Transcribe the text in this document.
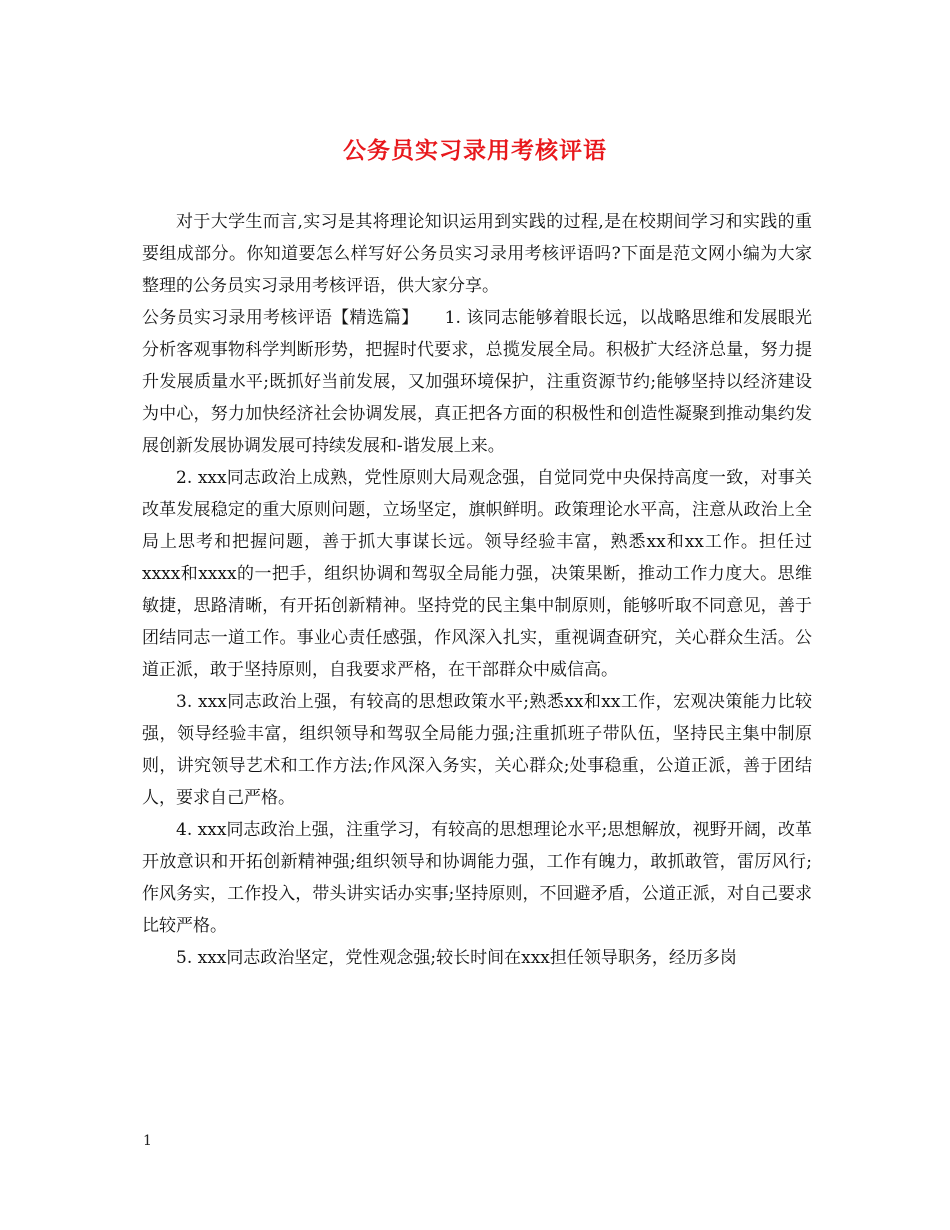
公务员实习录用考核评语

对于大学生而言,实习是其将理论知识运用到实践的过程,是在校期间学习和实践的重要组成部分。你知道要怎么样写好公务员实习录用考核评语吗?下面是范文网小编为大家整理的公务员实习录用考核评语，供大家分享。

公务员实习录用考核评语【精选篇】　　1. 该同志能够着眼长远，以战略思维和发展眼光分析客观事物科学判断形势，把握时代要求，总揽发展全局。积极扩大经济总量，努力提升发展质量水平;既抓好当前发展，又加强环境保护，注重资源节约;能够坚持以经济建设为中心，努力加快经济社会协调发展，真正把各方面的积极性和创造性凝聚到推动集约发展创新发展协调发展可持续发展和-谐发展上来。

2. xxx同志政治上成熟，党性原则大局观念强，自觉同党中央保持高度一致，对事关改革发展稳定的重大原则问题，立场坚定，旗帜鲜明。政策理论水平高，注意从政治上全局上思考和把握问题，善于抓大事谋长远。领导经验丰富，熟悉xx和xx工作。担任过xxxx和xxxx的一把手，组织协调和驾驭全局能力强，决策果断，推动工作力度大。思维敏捷，思路清晰，有开拓创新精神。坚持党的民主集中制原则，能够听取不同意见，善于团结同志一道工作。事业心责任感强，作风深入扎实，重视调查研究，关心群众生活。公道正派，敢于坚持原则，自我要求严格，在干部群众中威信高。

3. xxx同志政治上强，有较高的思想政策水平;熟悉xx和xx工作，宏观决策能力比较强，领导经验丰富，组织领导和驾驭全局能力强;注重抓班子带队伍，坚持民主集中制原则，讲究领导艺术和工作方法;作风深入务实，关心群众;处事稳重，公道正派，善于团结人，要求自己严格。

4. xxx同志政治上强，注重学习，有较高的思想理论水平;思想解放，视野开阔，改革开放意识和开拓创新精神强;组织领导和协调能力强，工作有魄力，敢抓敢管，雷厉风行;作风务实，工作投入，带头讲实话办实事;坚持原则，不回避矛盾，公道正派，对自己要求比较严格。

5. xxx同志政治坚定，党性观念强;较长时间在xxx担任领导职务，经历多岗

1
